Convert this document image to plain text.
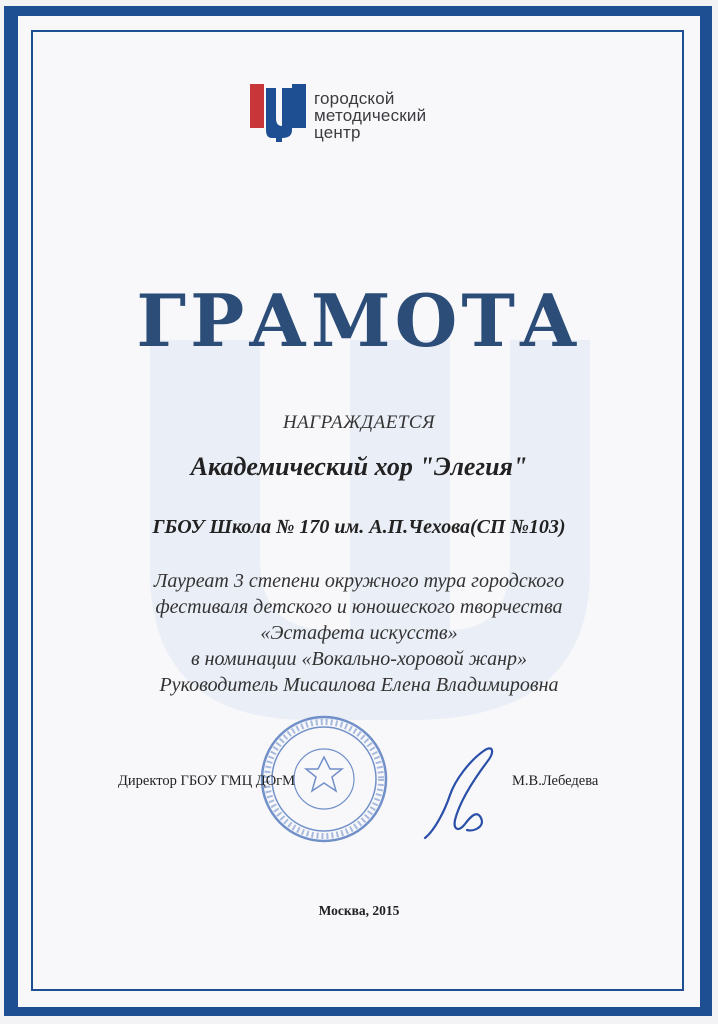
городской
методический
центр
ГРАМОТА
НАГРАЖДАЕТСЯ
Академический хор "Элегия"
ГБОУ Школа № 170 им. А.П.Чехова(СП №103)
Лауреат 3 степени окружного тура городского
фестиваля детского и юношеского творчества
«Эстафета искусств»
в номинации «Вокально-хоровой жанр»
Руководитель Мисаилова Елена Владимировна
Директор ГБОУ ГМЦ ДОгМ	М.В.Лебедева
Москва, 2015
